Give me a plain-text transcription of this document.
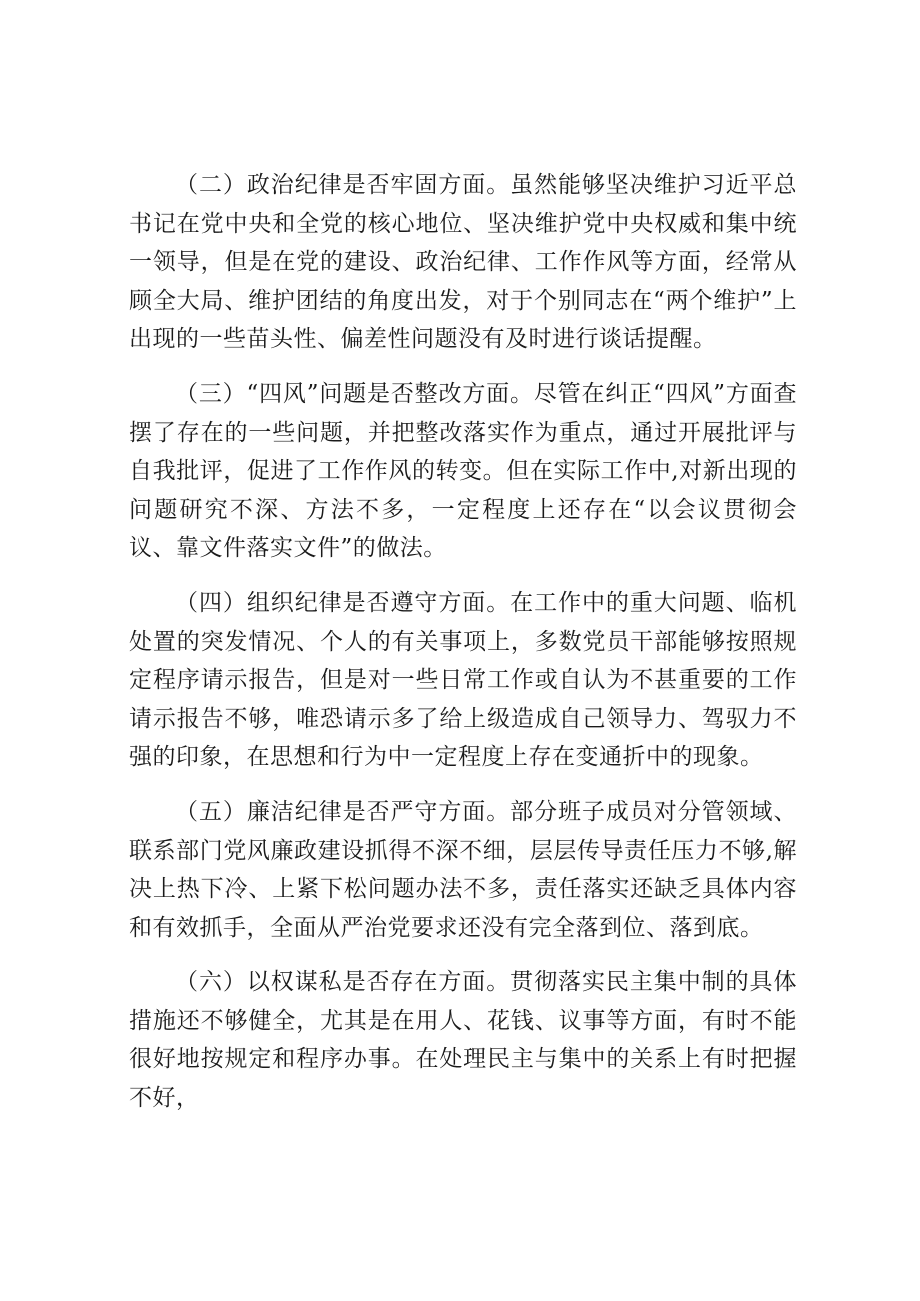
（二）政治纪律是否牢固方面。虽然能够坚决维护习近平总书记在党中央和全党的核心地位、坚决维护党中央权威和集中统一领导，但是在党的建设、政治纪律、工作作风等方面，经常从顾全大局、维护团结的角度出发，对于个别同志在“两个维护”上出现的一些苗头性、偏差性问题没有及时进行谈话提醒。

（三）“四风”问题是否整改方面。尽管在纠正“四风”方面查摆了存在的一些问题，并把整改落实作为重点，通过开展批评与自我批评，促进了工作作风的转变。但在实际工作中,对新出现的问题研究不深、方法不多，一定程度上还存在“以会议贯彻会议、靠文件落实文件”的做法。

（四）组织纪律是否遵守方面。在工作中的重大问题、临机处置的突发情况、个人的有关事项上，多数党员干部能够按照规定程序请示报告，但是对一些日常工作或自认为不甚重要的工作请示报告不够，唯恐请示多了给上级造成自己领导力、驾驭力不强的印象，在思想和行为中一定程度上存在变通折中的现象。

（五）廉洁纪律是否严守方面。部分班子成员对分管领域、联系部门党风廉政建设抓得不深不细，层层传导责任压力不够,解决上热下冷、上紧下松问题办法不多，责任落实还缺乏具体内容和有效抓手，全面从严治党要求还没有完全落到位、落到底。

（六）以权谋私是否存在方面。贯彻落实民主集中制的具体措施还不够健全，尤其是在用人、花钱、议事等方面，有时不能很好地按规定和程序办事。在处理民主与集中的关系上有时把握不好，
